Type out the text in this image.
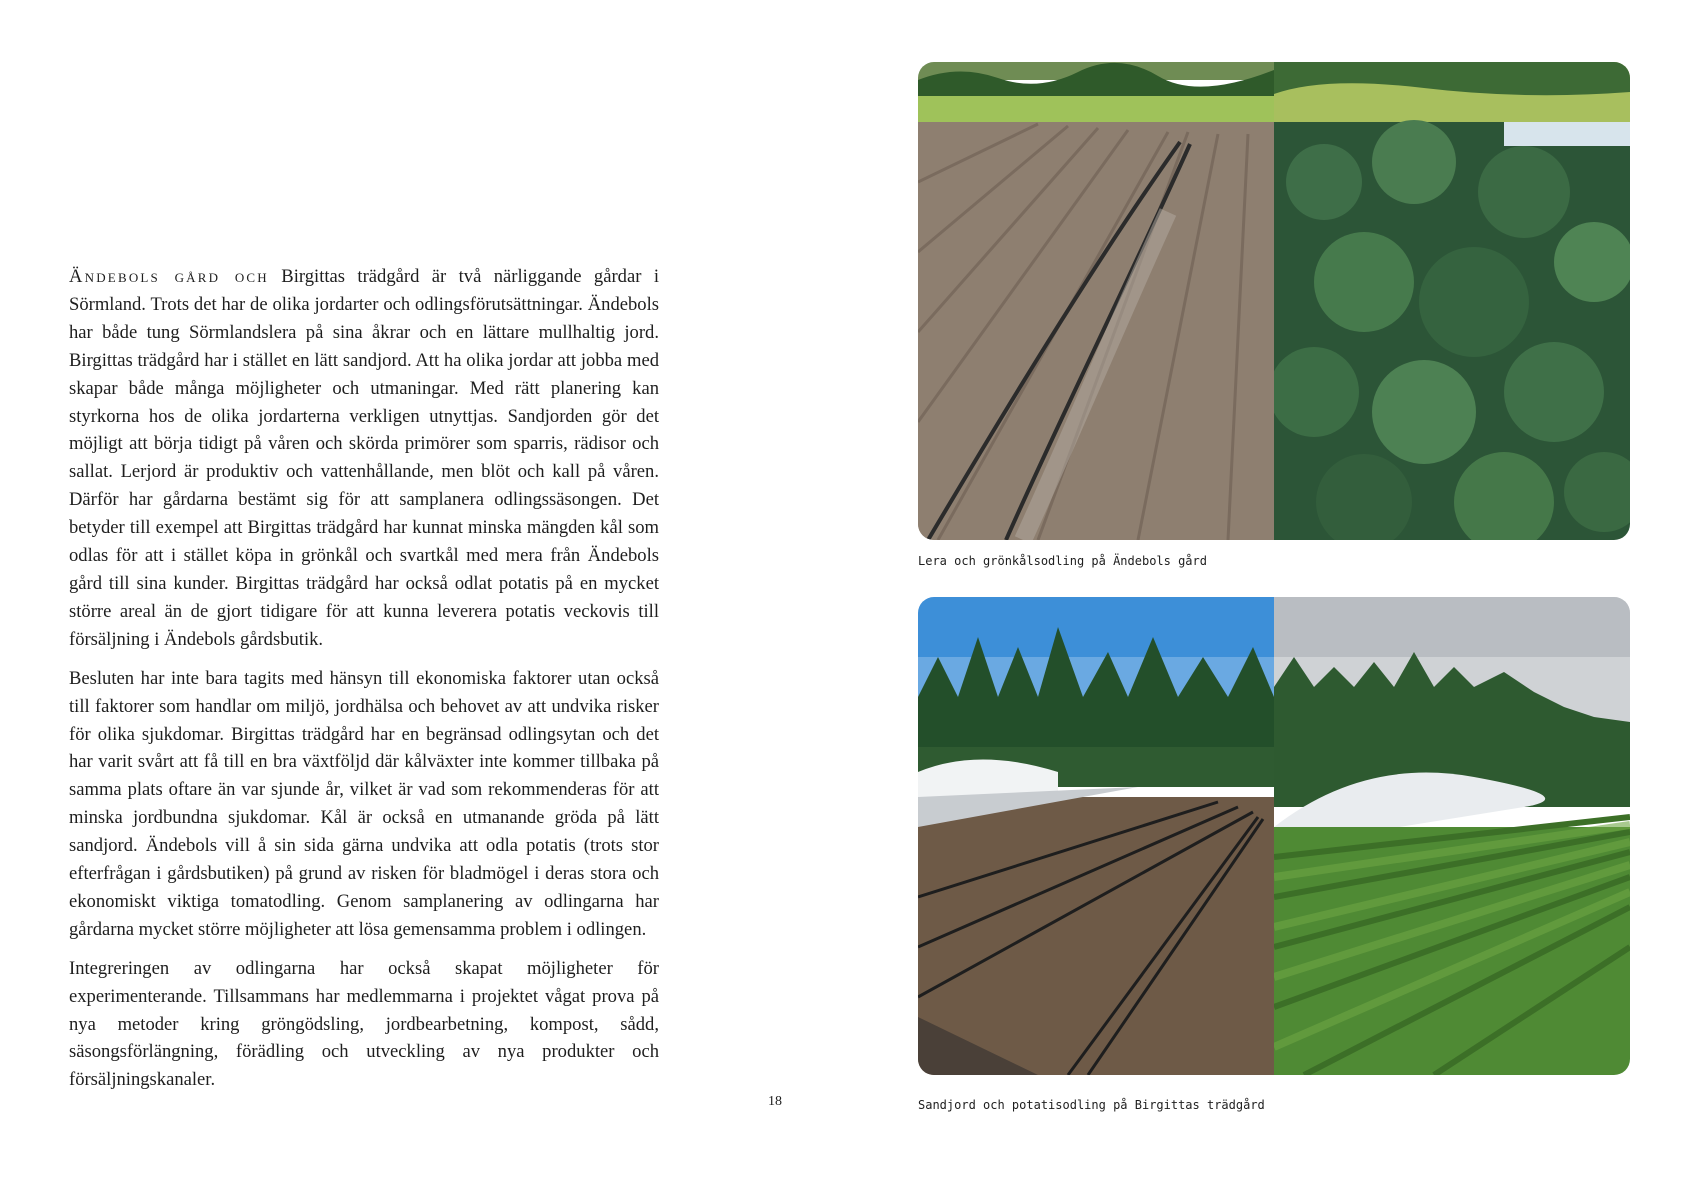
Ändebols gård och Birgittas trädgård är två närliggande gårdar i Sörmland. Trots det har de olika jordarter och odlingsförutsättningar. Ändebols har både tung Sörmlandslera på sina åkrar och en lättare mullhaltig jord. Birgittas trädgård har i stället en lätt sandjord. Att ha olika jordar att jobba med skapar både många möjligheter och utmaningar. Med rätt planering kan styrkorna hos de olika jordarterna verkligen utnyttjas. Sandjorden gör det möjligt att börja tidigt på våren och skörda primörer som sparris, rädisor och sallat. Lerjord är produktiv och vattenhållande, men blöt och kall på våren. Därför har gårdarna bestämt sig för att samplanera odlingssäsongen. Det betyder till exempel att Birgittas trädgård har kunnat minska mängden kål som odlas för att i stället köpa in grönkål och svartkål med mera från Ändebols gård till sina kunder. Birgittas trädgård har också odlat potatis på en mycket större areal än de gjort tidigare för att kunna leverera potatis veckovis till försäljning i Ändebols gårdsbutik.

Besluten har inte bara tagits med hänsyn till ekonomiska faktorer utan också till faktorer som handlar om miljö, jordhälsa och behovet av att undvika risker för olika sjukdomar. Birgittas trädgård har en begränsad odlingsytan och det har varit svårt att få till en bra växtföljd där kålväxter inte kommer tillbaka på samma plats oftare än var sjunde år, vilket är vad som rekommenderas för att minska jordbundna sjukdomar. Kål är också en utmanande gröda på lätt sandjord. Ändebols vill å sin sida gärna undvika att odla potatis (trots stor efterfrågan i gårdsbutiken) på grund av risken för bladmögel i deras stora och ekonomiskt viktiga tomatodling. Genom samplanering av odlingarna har gårdarna mycket större möjligheter att lösa gemensamma problem i odlingen.

Integreringen av odlingarna har också skapat möjligheter för experimenterande. Tillsammans har medlemmarna i projektet vågat prova på nya metoder kring gröngödsling, jordbearbetning, kompost, sådd, säsongsförlängning, förädling och utveckling av nya produkter och försäljningskanaler.

18
Lera och grönkålsodling på Ändebols gård
Sandjord och potatisodling på Birgittas trädgård
